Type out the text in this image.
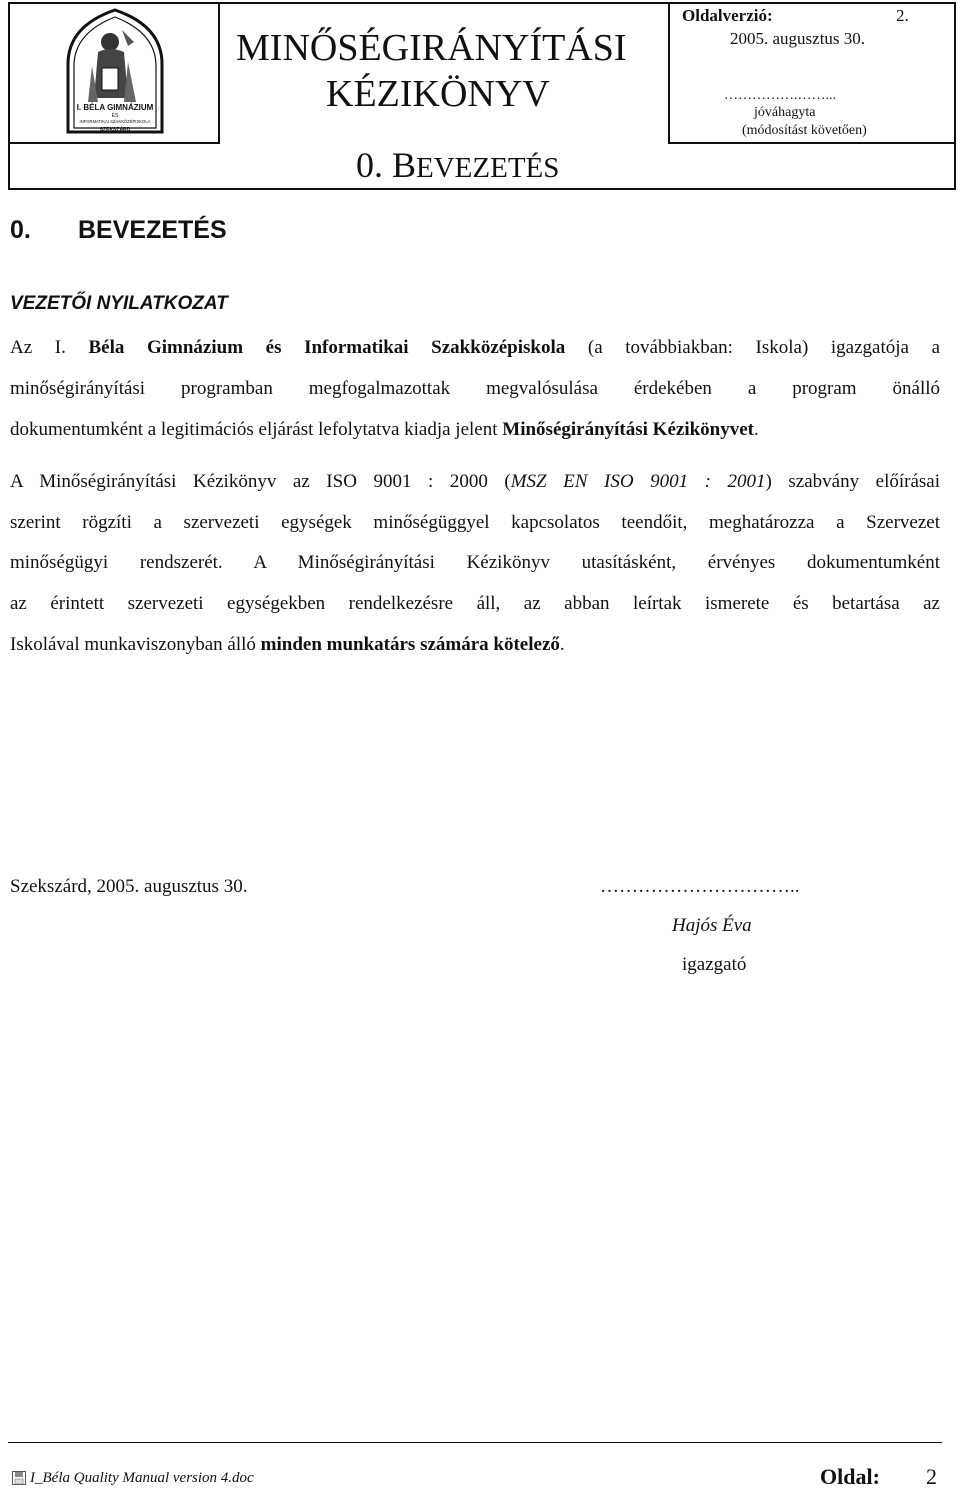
I. BÉLA GIMNÁZIUM
ÉS
INFORMATIKAI SZAKKÖZÉPISKOLA
SZEKSZÁRD
MINŐSÉGIRÁNYÍTÁSI
KÉZIKÖNYV
Oldalverzió:	2.
2005. augusztus 30.
…………….……...
jóváhagyta
(módosítást követően)
0. BEVEZETÉS
0. BEVEZETÉS
VEZETŐI NYILATKOZAT
Az I. Béla Gimnázium és Informatikai Szakközépiskola (a továbbiakban: Iskola) igazgatója a
minőségirányítási programban megfogalmazottak megvalósulása érdekében a program önálló
dokumentumként a legitimációs eljárást lefolytatva kiadja jelent Minőségirányítási Kézikönyvet.
A Minőségirányítási Kézikönyv az ISO 9001 : 2000 (MSZ EN ISO 9001 : 2001) szabvány előírásai
szerint rögzíti a szervezeti egységek minőségüggyel kapcsolatos teendőit, meghatározza a Szervezet
minőségügyi rendszerét. A Minőségirányítási Kézikönyv utasításként, érvényes dokumentumként
az érintett szervezeti egységekben rendelkezésre áll, az abban leírtak ismerete és betartása az
Iskolával munkaviszonyban álló minden munkatárs számára kötelező.
Szekszárd, 2005. augusztus 30.	…………………………..
Hajós Éva
igazgató
I_Béla Quality Manual version 4.doc	Oldal: 2
